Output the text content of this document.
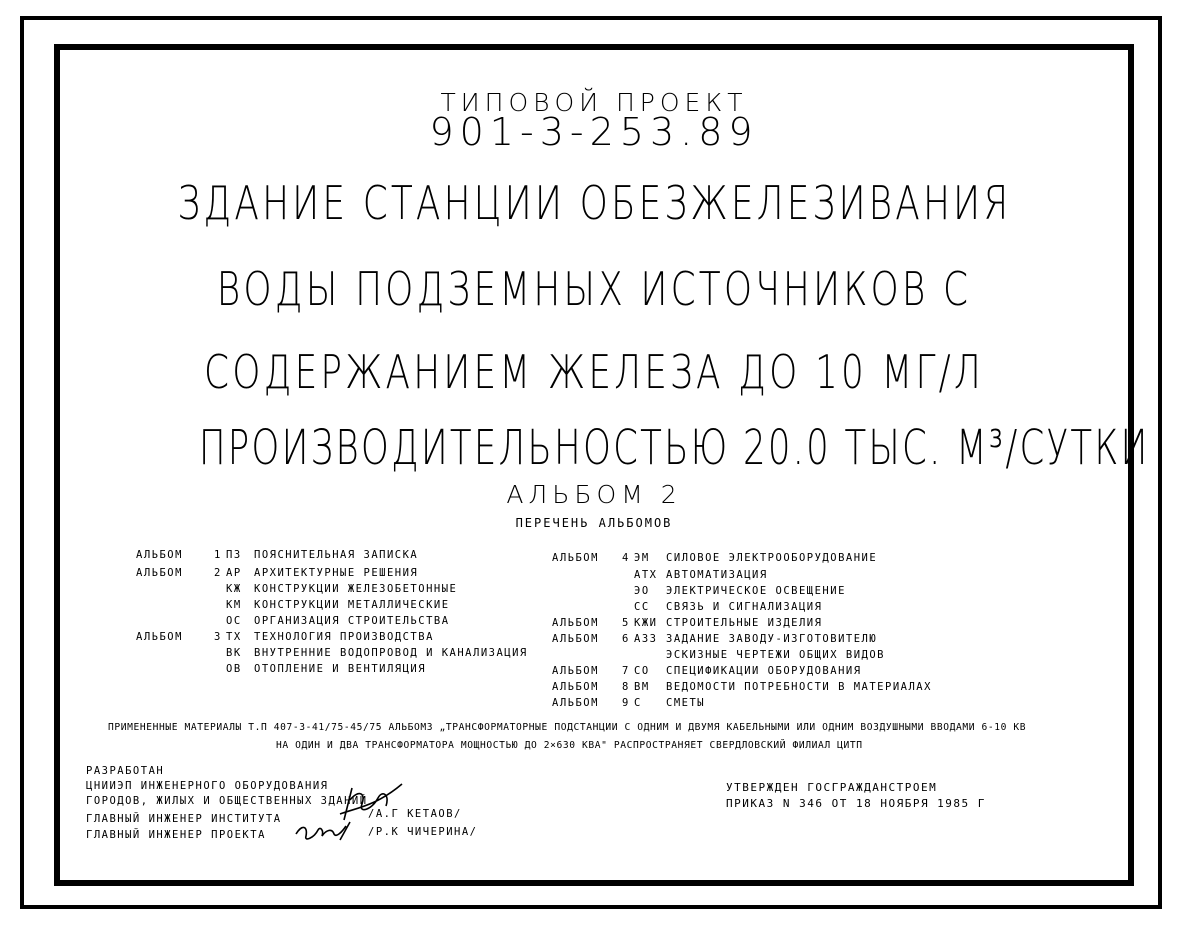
ТИПОВОЙ ПРОЕКТ
901-3-253.89
ЗДАНИЕ СТАНЦИИ ОБЕЗЖЕЛЕЗИВАНИЯ
ВОДЫ ПОДЗЕМНЫХ ИСТОЧНИКОВ С
СОДЕРЖАНИЕМ ЖЕЛЕЗА ДО 10 МГ/Л
ПРОИЗВОДИТЕЛЬНОСТЬЮ 20.0 ТЫС. М³/СУТКИ
АЛЬБОМ 2
ПЕРЕЧЕНЬ АЛЬБОМОВ
АЛЬБОМ	1 ПЗ ПОЯСНИТЕЛЬНАЯ ЗАПИСКА
АЛЬБОМ	2 АР АРХИТЕКТУРНЫЕ РЕШЕНИЯ
КЖ КОНСТРУКЦИИ ЖЕЛЕЗОБЕТОННЫЕ
КМ КОНСТРУКЦИИ МЕТАЛЛИЧЕСКИЕ
ОС ОРГАНИЗАЦИЯ СТРОИТЕЛЬСТВА
АЛЬБОМ	3 ТХ ТЕХНОЛОГИЯ ПРОИЗВОДСТВА
ВК ВНУТРЕННИЕ ВОДОПРОВОД И КАНАЛИЗАЦИЯ
ОВ ОТОПЛЕНИЕ И ВЕНТИЛЯЦИЯ
АЛЬБОМ 4 ЭМ СИЛОВОЕ ЭЛЕКТРООБОРУДОВАНИЕ
АТХ АВТОМАТИЗАЦИЯ
ЭО ЭЛЕКТРИЧЕСКОЕ ОСВЕЩЕНИЕ
СС СВЯЗЬ И СИГНАЛИЗАЦИЯ
АЛЬБОМ 5 КЖИ СТРОИТЕЛЬНЫЕ ИЗДЕЛИЯ
АЛЬБОМ 6 А33 ЗАДАНИЕ ЗАВОДУ-ИЗГОТОВИТЕЛЮ
ЭСКИЗНЫЕ ЧЕРТЕЖИ ОБЩИХ ВИДОВ
АЛЬБОМ 7 СО СПЕЦИФИКАЦИИ ОБОРУДОВАНИЯ
АЛЬБОМ 8 ВМ ВЕДОМОСТИ ПОТРЕБНОСТИ В МАТЕРИАЛАХ
АЛЬБОМ 9 С СМЕТЫ
ПРИМЕНЕННЫЕ МАТЕРИАЛЫ Т.П 407-3-41/75-45/75 АЛЬБОМ3 „ТРАНСФОРМАТОРНЫЕ ПОДСТАНЦИИ С ОДНИМ И ДВУМЯ КАБЕЛЬНЫМИ ИЛИ ОДНИМ ВОЗДУШНЫМИ ВВОДАМИ 6-10 КВ
НА ОДИН И ДВА ТРАНСФОРМАТОРА МОЩНОСТЬЮ ДО 2×630 КВА" РАСПРОСТРАНЯЕТ СВЕРДЛОВСКИЙ ФИЛИАЛ ЦИТП
РАЗРАБОТАН
ЦНИИЭП ИНЖЕНЕРНОГО ОБОРУДОВАНИЯ
ГОРОДОВ, ЖИЛЫХ И ОБЩЕСТВЕННЫХ ЗДАНИЙ
ГЛАВНЫЙ ИНЖЕНЕР ИНСТИТУТА
ГЛАВНЫЙ ИНЖЕНЕР ПРОЕКТА
/А.Г КЕТАОВ/
/Р.К ЧИЧЕРИНА/
УТВЕРЖДЕН ГОСГРАЖДАНСТРОЕМ
ПРИКАЗ N 346 ОТ 18 НОЯБРЯ 1985 Г
